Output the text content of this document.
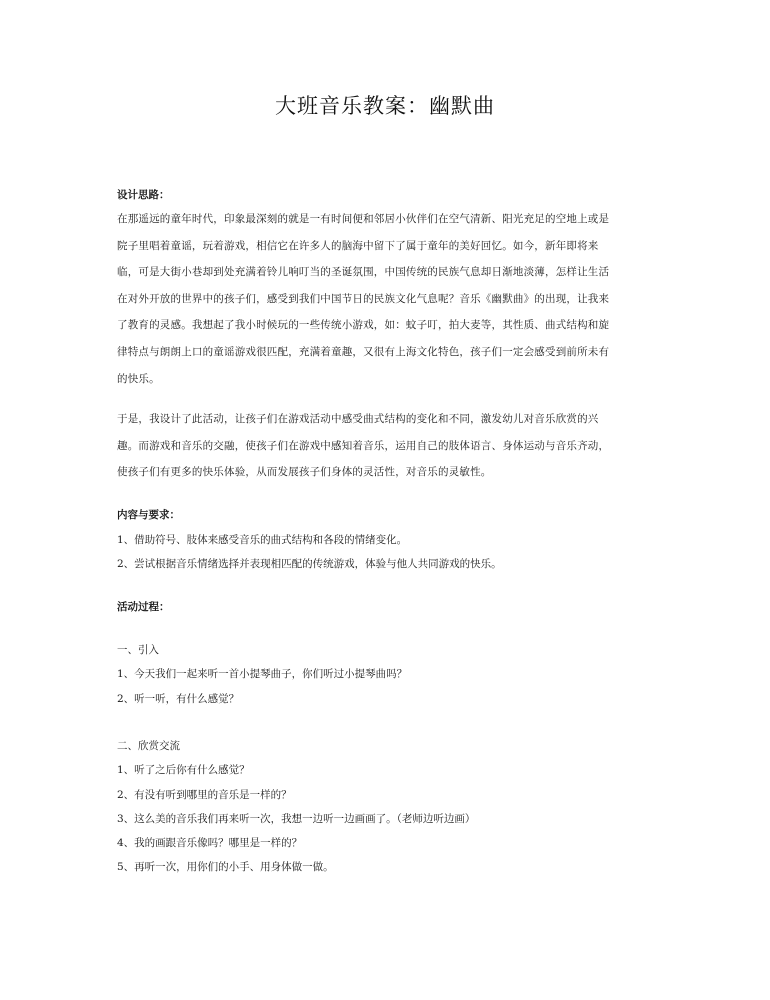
大班音乐教案：幽默曲
设计思路：
在那遥远的童年时代，印象最深刻的就是一有时间便和邻居小伙伴们在空气清新、阳光充足的空地上或是
院子里唱着童谣，玩着游戏，相信它在许多人的脑海中留下了属于童年的美好回忆。如今，新年即将来
临，可是大街小巷却到处充满着铃儿响叮当的圣诞氛围，中国传统的民族气息却日渐地淡薄，怎样让生活
在对外开放的世界中的孩子们，感受到我们中国节日的民族文化气息呢？音乐《幽默曲》的出现，让我来
了教育的灵感。我想起了我小时候玩的一些传统小游戏，如：蚊子叮，拍大麦等，其性质、曲式结构和旋
律特点与朗朗上口的童谣游戏很匹配，充满着童趣，又很有上海文化特色，孩子们一定会感受到前所未有
的快乐。
于是，我设计了此活动，让孩子们在游戏活动中感受曲式结构的变化和不同，激发幼儿对音乐欣赏的兴
趣。而游戏和音乐的交融，使孩子们在游戏中感知着音乐，运用自己的肢体语言、身体运动与音乐齐动，
使孩子们有更多的快乐体验，从而发展孩子们身体的灵活性，对音乐的灵敏性。
内容与要求：
1、借助符号、肢体来感受音乐的曲式结构和各段的情绪变化。
2、尝试根据音乐情绪选择并表现相匹配的传统游戏，体验与他人共同游戏的快乐。
活动过程：
一、引入
1、今天我们一起来听一首小提琴曲子，你们听过小提琴曲吗？
2、听一听，有什么感觉？
二、欣赏交流
1、听了之后你有什么感觉？
2、有没有听到哪里的音乐是一样的？
3、这么美的音乐我们再来听一次，我想一边听一边画画了。（老师边听边画）
4、我的画跟音乐像吗？哪里是一样的？
5、再听一次，用你们的小手、用身体做一做。
